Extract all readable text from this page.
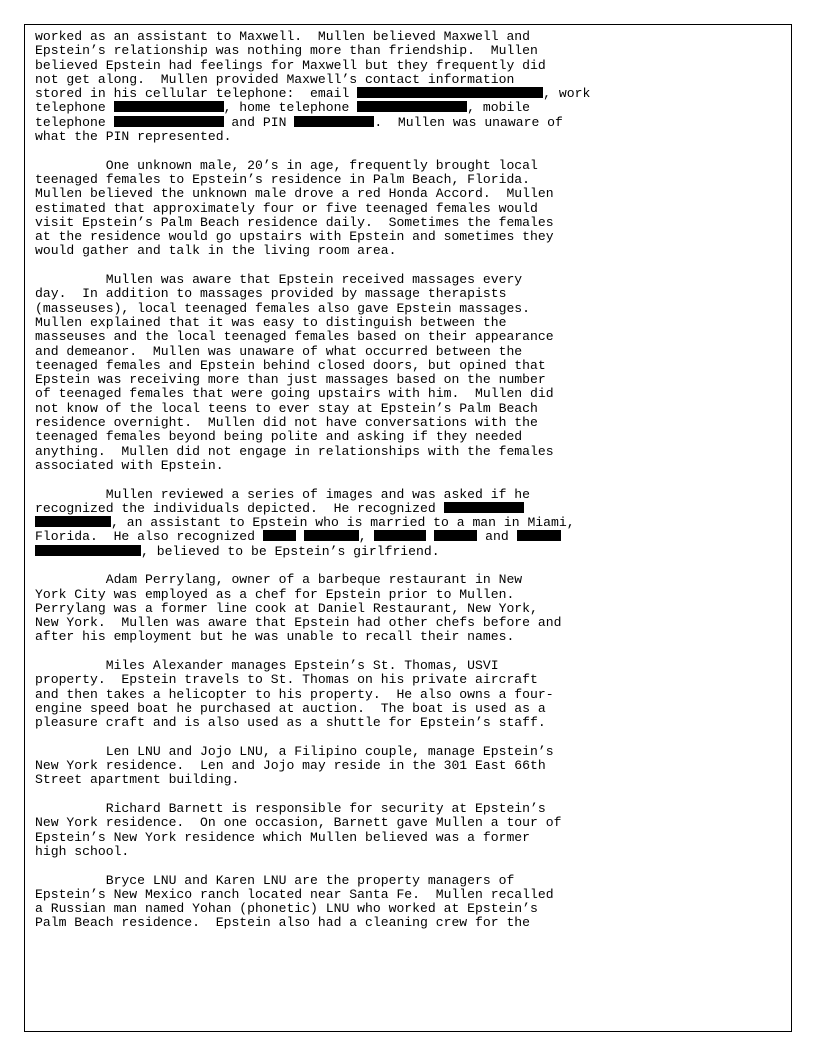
worked as an assistant to Maxwell.  Mullen believed Maxwell and
Epstein’s relationship was nothing more than friendship.  Mullen
believed Epstein had feelings for Maxwell but they frequently did
not get along.  Mullen provided Maxwell’s contact information
stored in his cellular telephone:  email	, work
telephone	, home telephone	, mobile
telephone	and PIN	.  Mullen was unaware of
what the PIN represented.
One unknown male, 20’s in age, frequently brought local
teenaged females to Epstein’s residence in Palm Beach, Florida.
Mullen believed the unknown male drove a red Honda Accord.  Mullen
estimated that approximately four or five teenaged females would
visit Epstein’s Palm Beach residence daily.  Sometimes the females
at the residence would go upstairs with Epstein and sometimes they
would gather and talk in the living room area.
Mullen was aware that Epstein received massages every
day.  In addition to massages provided by massage therapists
(masseuses), local teenaged females also gave Epstein massages.
Mullen explained that it was easy to distinguish between the
masseuses and the local teenaged females based on their appearance
and demeanor.  Mullen was unaware of what occurred between the
teenaged females and Epstein behind closed doors, but opined that
Epstein was receiving more than just massages based on the number
of teenaged females that were going upstairs with him.  Mullen did
not know of the local teens to ever stay at Epstein’s Palm Beach
residence overnight.  Mullen did not have conversations with the
teenaged females beyond being polite and asking if they needed
anything.  Mullen did not engage in relationships with the females
associated with Epstein.
Mullen reviewed a series of images and was asked if he
recognized the individuals depicted.  He recognized
, an assistant to Epstein who is married to a man in Miami,
Florida.  He also recognized	,	and
, believed to be Epstein’s girlfriend.
Adam Perrylang, owner of a barbeque restaurant in New
York City was employed as a chef for Epstein prior to Mullen.
Perrylang was a former line cook at Daniel Restaurant, New York,
New York.  Mullen was aware that Epstein had other chefs before and
after his employment but he was unable to recall their names.
Miles Alexander manages Epstein’s St. Thomas, USVI
property.  Epstein travels to St. Thomas on his private aircraft
and then takes a helicopter to his property.  He also owns a four-
engine speed boat he purchased at auction.  The boat is used as a
pleasure craft and is also used as a shuttle for Epstein’s staff.
Len LNU and Jojo LNU, a Filipino couple, manage Epstein’s
New York residence.  Len and Jojo may reside in the 301 East 66th
Street apartment building.
Richard Barnett is responsible for security at Epstein’s
New York residence.  On one occasion, Barnett gave Mullen a tour of
Epstein’s New York residence which Mullen believed was a former
high school.
Bryce LNU and Karen LNU are the property managers of
Epstein’s New Mexico ranch located near Santa Fe.  Mullen recalled
a Russian man named Yohan (phonetic) LNU who worked at Epstein’s
Palm Beach residence.  Epstein also had a cleaning crew for the
